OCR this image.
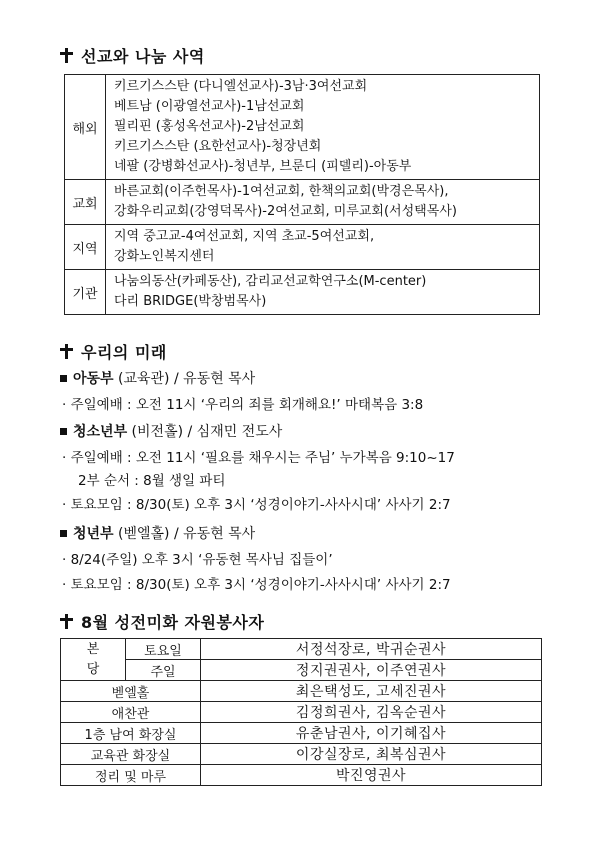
선교와 나눔 사역
해외	키르기스스탄 (다니엘선교사)-3남·3여선교회
베트남 (이광열선교사)-1남선교회
필리핀 (홍성옥선교사)-2남선교회
키르기스스탄 (요한선교사)-청장년회
네팔 (강병화선교사)-청년부, 브룬디 (피델리)-아동부

교회	바른교회(이주헌목사)-1여선교회, 한책의교회(박경은목사),
강화우리교회(강영덕목사)-2여선교회, 미루교회(서성택목사)

지역	지역 중고교-4여선교회, 지역 초교-5여선교회,
강화노인복지센터

기관	나눔의동산(카페동산), 감리교선교학연구소(M-center)
다리 BRIDGE(박창범목사)
우리의 미래
아동부 (교육관) / 유동현 목사
· 주일예배 : 오전 11시 ‘우리의 죄를 회개해요!’ 마태복음 3:8
청소년부 (비전홀) / 심재민 전도사
· 주일예배 : 오전 11시 ‘필요를 채우시는 주님’ 누가복음 9:10~17
2부 순서 : 8월 생일 파티
· 토요모임 : 8/30(토) 오후 3시 ‘성경이야기-사사시대’ 사사기 2:7
청년부 (벧엘홀) / 유동현 목사
· 8/24(주일) 오후 3시 ‘유동현 목사님 집들이’
· 토요모임 : 8/30(토) 오후 3시 ‘성경이야기-사사시대’ 사사기 2:7
8월 성전미화 자원봉사자
본
당	토요일	서정석장로, 박귀순권사
	주일	정지권권사, 이주연권사
벧엘홀		최은택성도, 고세진권사
애찬관		김정희권사, 김옥순권사
1층 남여 화장실		유춘남권사, 이기혜집사
교육관 화장실		이강실장로, 최복심권사
정리 및 마루		박진영권사
